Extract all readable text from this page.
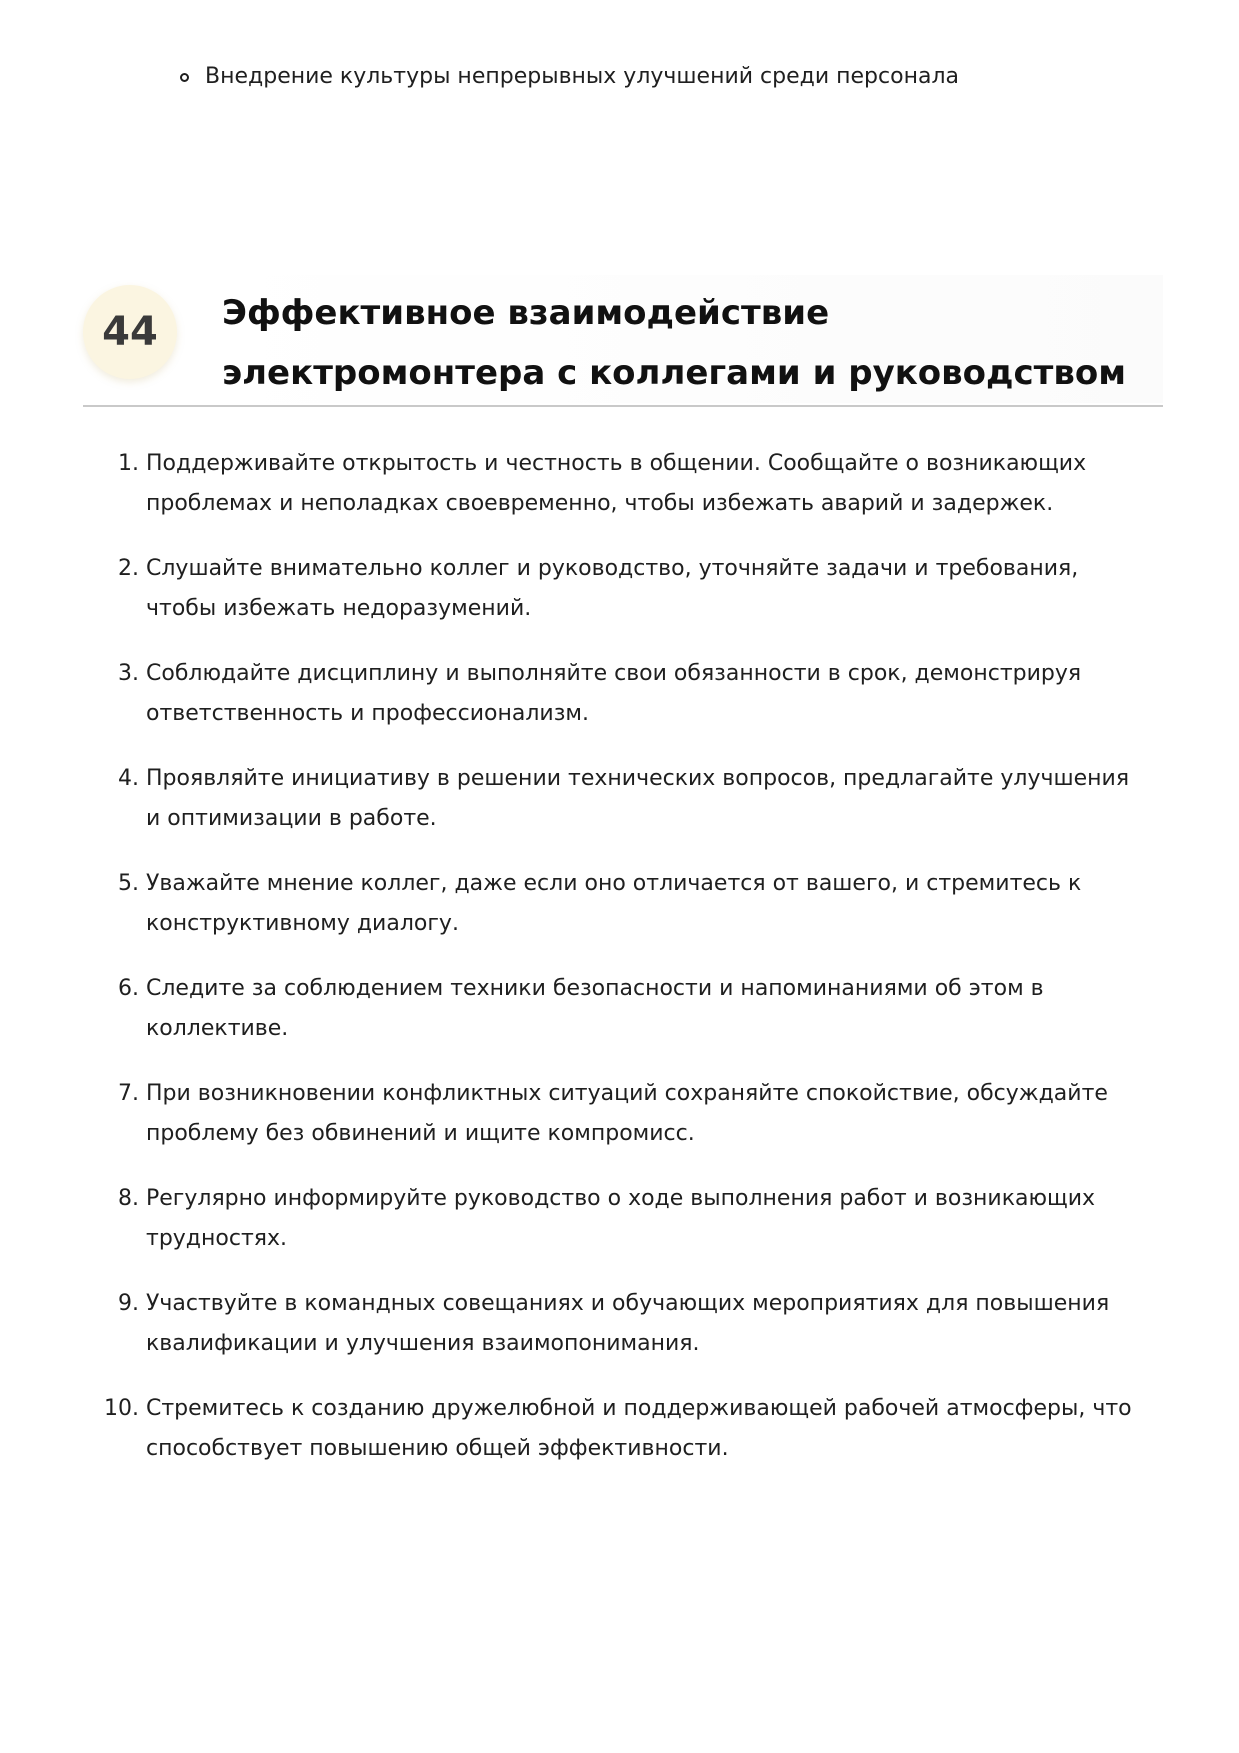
Внедрение культуры непрерывных улучшений среди персонала
44	Эффективное взаимодействие электромонтера с коллегами и руководством
1. Поддерживайте открытость и честность в общении. Сообщайте о возникающих проблемах и неполадках своевременно, чтобы избежать аварий и задержек.
2. Слушайте внимательно коллег и руководство, уточняйте задачи и требования, чтобы избежать недоразумений.
3. Соблюдайте дисциплину и выполняйте свои обязанности в срок, демонстрируя ответственность и профессионализм.
4. Проявляйте инициативу в решении технических вопросов, предлагайте улучшения и оптимизации в работе.
5. Уважайте мнение коллег, даже если оно отличается от вашего, и стремитесь к конструктивному диалогу.
6. Следите за соблюдением техники безопасности и напоминаниями об этом в коллективе.
7. При возникновении конфликтных ситуаций сохраняйте спокойствие, обсуждайте проблему без обвинений и ищите компромисс.
8. Регулярно информируйте руководство о ходе выполнения работ и возникающих трудностях.
9. Участвуйте в командных совещаниях и обучающих мероприятиях для повышения квалификации и улучшения взаимопонимания.
10. Стремитесь к созданию дружелюбной и поддерживающей рабочей атмосферы, что способствует повышению общей эффективности.
